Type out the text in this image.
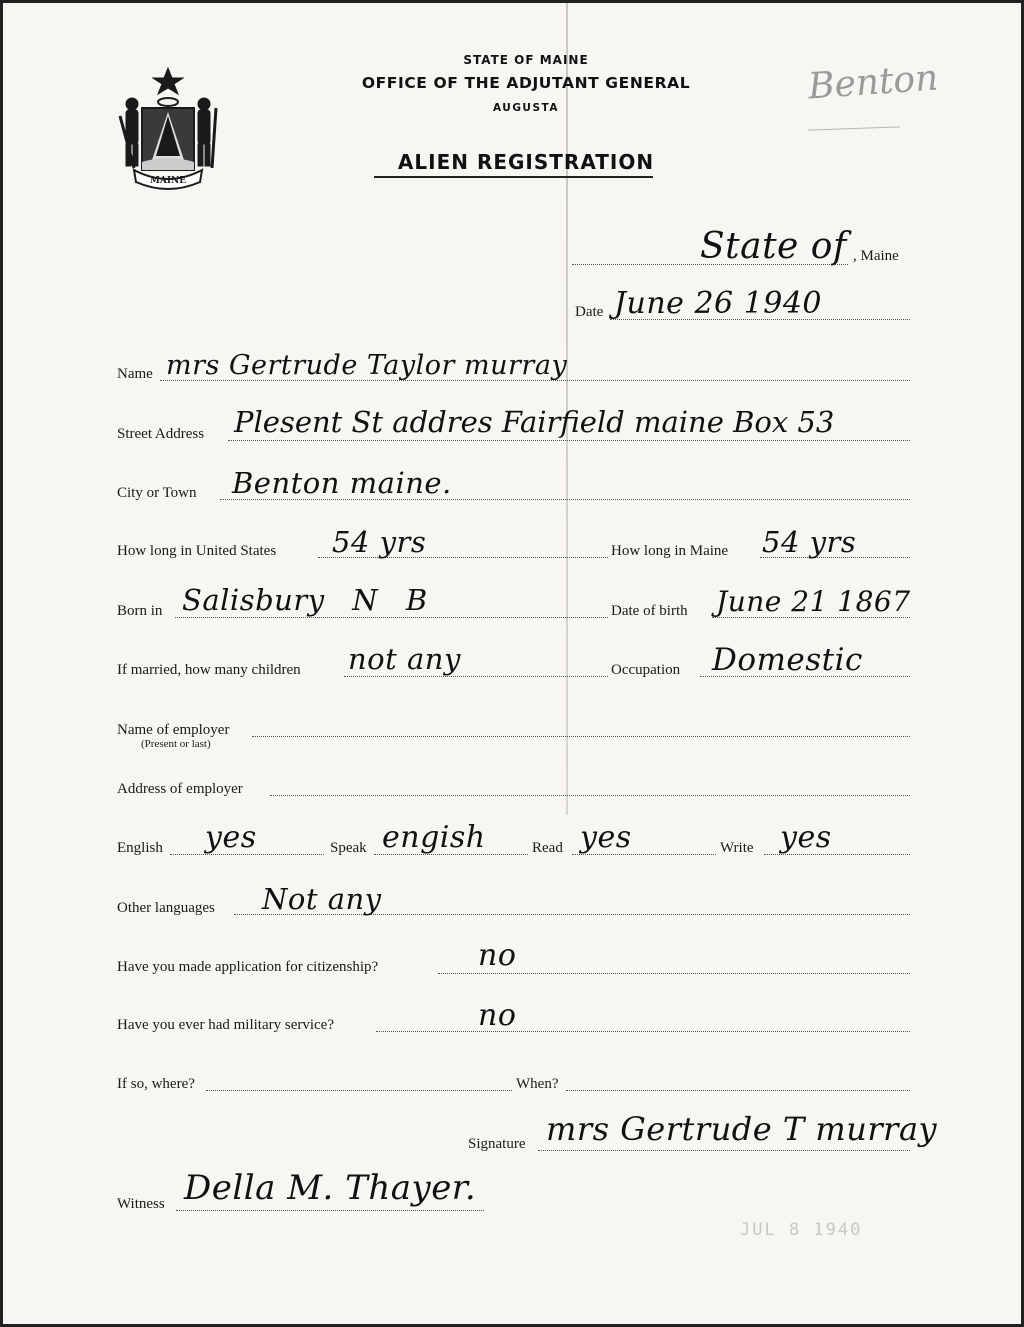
MAINE
STATE OF MAINE
OFFICE OF THE ADJUTANT GENERAL
AUGUSTA
ALIEN REGISTRATION
Benton
State of , Maine
Date June 26 1940
Name mrs Gertrude Taylor murray
Street Address Plesent St addres Fairfield maine Box 53
City or Town Benton maine.
How long in United States 54 yrs	How long in Maine 54 yrs
Born in Salisbury N B	Date of birth June 21 1867
If married, how many children not any	Occupation Domestic
Name of employer
(Present or last)
Address of employer
English yes	Speak engish	Read yes	Write yes
Other languages Not any
Have you made application for citizenship?	no
Have you ever had military service?	no
If so, where?	When?
Signature mrs Gertrude T murray
Witness Della M. Thayer.
JUL 8 1940
